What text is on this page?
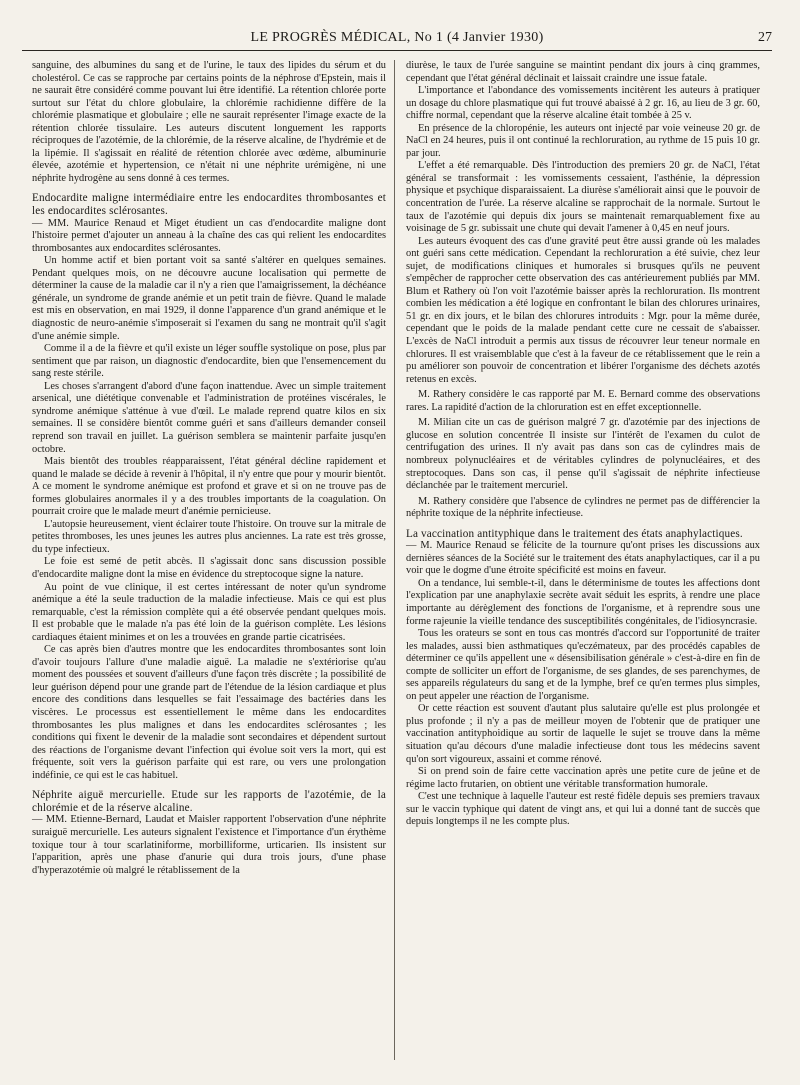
LE PROGRÈS MÉDICAL, No 1 (4 Janvier 1930)	27

sanguine, des albumines du sang et de l'urine, le taux des lipides du sérum et du cholestérol. Ce cas se rapproche par certains points de la néphrose d'Epstein, mais il ne saurait être considéré comme pouvant lui être identifié. La rétention chlorée porte surtout sur l'état du chlore globulaire, la chlorémie rachidienne diffère de la chlorémie plasmatique et globulaire ; elle ne saurait représenter l'image exacte de la rétention chlorée tissulaire. Les auteurs discutent longuement les rapports réciproques de l'azotémie, de la chlorémie, de la réserve alcaline, de l'hydrémie et de la lipémie. Il s'agissait en réalité de rétention chlorée avec œdème, albuminurie élevée, azotémie et hypertension, ce n'était ni une néphrite urémigène, ni une néphrite hydrogène au sens donné à ces termes.

Endocardite maligne intermédiaire entre les endocardites thrombosantes et les endocardites sclérosantes.

— MM. Maurice Renaud et Miget étudient un cas d'endocardite maligne dont l'histoire permet d'ajouter un anneau à la chaîne des cas qui relient les endocardites thrombosantes aux endocardites sclérosantes.

Un homme actif et bien portant voit sa santé s'altérer en quelques semaines. Pendant quelques mois, on ne découvre aucune localisation qui permette de déterminer la cause de la maladie car il n'y a rien que l'amaigrissement, la déchéance générale, un syndrome de grande anémie et un petit train de fièvre. Quand le malade est mis en observation, en mai 1929, il donne l'apparence d'un grand anémique et le diagnostic de neuro-anémie s'imposerait si l'examen du sang ne montrait qu'il s'agit d'une anémie simple.

Comme il a de la fièvre et qu'il existe un léger souffle systolique on pose, plus par sentiment que par raison, un diagnostic d'endocardite, bien que l'ensemencement du sang reste stérile.

Les choses s'arrangent d'abord d'une façon inattendue. Avec un simple traitement arsenical, une diététique convenable et l'administration de protéines viscérales, le syndrome anémique s'atténue à vue d'œil. Le malade reprend quatre kilos en six semaines. Il se considère bientôt comme guéri et sans d'ailleurs demander conseil reprend son travail en juillet. La guérison semblera se maintenir parfaite jusqu'en octobre.

Mais bientôt des troubles réapparaissent, l'état général décline rapidement et quand le malade se décide à revenir à l'hôpital, il n'y entre que pour y mourir bientôt. A ce moment le syndrome anémique est profond et grave et si on ne trouve pas de formes globulaires anormales il y a des troubles importants de la coagulation. On pourrait croire que le malade meurt d'anémie pernicieuse.

L'autopsie heureusement, vient éclairer toute l'histoire. On trouve sur la mitrale de petites thromboses, les unes jeunes les autres plus anciennes. La rate est très grosse, du type infectieux.

Le foie est semé de petit abcès. Il s'agissait donc sans discussion possible d'endocardite maligne dont la mise en évidence du streptocoque signe la nature.

Au point de vue clinique, il est certes intéressant de noter qu'un syndrome anémique a été la seule traduction de la maladie infectieuse. Mais ce qui est plus remarquable, c'est la rémission complète qui a été observée pendant quelques mois. Il est probable que le malade n'a pas été loin de la guérison complète. Les lésions cardiaques étaient minimes et on les a trouvées en grande partie cicatrisées.

Ce cas après bien d'autres montre que les endocardites thrombosantes sont loin d'avoir toujours l'allure d'une maladie aiguë. La maladie ne s'extériorise qu'au moment des poussées et souvent d'ailleurs d'une façon très discrète ; la possibilité de leur guérison dépend pour une grande part de l'étendue de la lésion cardiaque et plus encore des conditions dans lesquelles se fait l'essaimage des bactéries dans les viscères. Le processus est essentiellement le même dans les endocardites thrombosantes les plus malignes et dans les endocardites sclérosantes ; les conditions qui fixent le devenir de la maladie sont secondaires et dépendent surtout des réactions de l'organisme devant l'infection qui évolue soit vers la mort, qui est fréquente, soit vers la guérison parfaite qui est rare, ou vers une prolongation indéfinie, ce qui est le cas habituel.

Néphrite aiguë mercurielle. Etude sur les rapports de l'azotémie, de la chlorémie et de la réserve alcaline.

— MM. Etienne-Bernard, Laudat et Maisler rapportent l'observation d'une néphrite suraiguë mercurielle. Les auteurs signalent l'existence et l'importance d'un érythème toxique tour à tour scarlatiniforme, morbilliforme, urticarien. Ils insistent sur l'apparition, après une phase d'anurie qui dura trois jours, d'une phase d'hyperazotémie où malgré le rétablissement de la

diurèse, le taux de l'urée sanguine se maintint pendant dix jours à cinq grammes, cependant que l'état général déclinait et laissait craindre une issue fatale.

L'importance et l'abondance des vomissements incitèrent les auteurs à pratiquer un dosage du chlore plasmatique qui fut trouvé abaissé à 2 gr. 16, au lieu de 3 gr. 60, chiffre normal, cependant que la réserve alcaline était tombée à 25 v.

En présence de la chloropénie, les auteurs ont injecté par voie veineuse 20 gr. de NaCl en 24 heures, puis il ont continué la rechloruration, au rythme de 15 puis 10 gr. par jour.

L'effet a été remarquable. Dès l'introduction des premiers 20 gr. de NaCl, l'état général se transformait : les vomissements cessaient, l'asthénie, la dépression physique et psychique disparaissaient. La diurèse s'améliorait ainsi que le pouvoir de concentration de l'urée. La réserve alcaline se rapprochait de la normale. Surtout le taux de l'azotémie qui depuis dix jours se maintenait remarquablement fixe au voisinage de 5 gr. subissait une chute qui devait l'amener à 0,45 en neuf jours.

Les auteurs évoquent des cas d'une gravité peut être aussi grande où les malades ont guéri sans cette médication. Cependant la rechloruration a été suivie, chez leur sujet, de modifications cliniques et humorales si brusques qu'ils ne peuvent s'empêcher de rapprocher cette observation des cas antérieurement publiés par MM. Blum et Rathery où l'on voit l'azotémie baisser après la rechloruration. Ils montrent combien les médication a été logique en confrontant le bilan des chlorures urinaires, 51 gr. en dix jours, et le bilan des chlorures introduits : Mgr. pour la même durée, cependant que le poids de la malade pendant cette cure ne cessait de s'abaisser. L'excès de NaCl introduit a permis aux tissus de récouvrer leur teneur normale en chlorures. Il est vraisemblable que c'est à la faveur de ce rétablissement que le rein a pu améliorer son pouvoir de concentration et libérer l'organisme des déchets azotés retenus en excès.

M. Rathery considère le cas rapporté par M. E. Bernard comme des observations rares. La rapidité d'action de la chloruration est en effet exceptionnelle.

M. Milian cite un cas de guérison malgré 7 gr. d'azotémie par des injections de glucose en solution concentrée Il insiste sur l'intérêt de l'examen du culot de centrifugation des urines. Il n'y avait pas dans son cas de cylindres mais de nombreux polynucléaires et de véritables cylindres de polynucléaires, et des streptocoques. Dans son cas, il pense qu'il s'agissait de néphrite infectieuse déclanchée par le traitement mercuriel.

M. Rathery considère que l'absence de cylindres ne permet pas de différencier la néphrite toxique de la néphrite infectieuse.

La vaccination antityphique dans le traitement des états anaphylactiques.

— M. Maurice Renaud se félicite de la tournure qu'ont prises les discussions aux dernières séances de la Société sur le traitement des états anaphylactiques, car il a pu voir que le dogme d'une étroite spécificité est moins en faveur.

On a tendance, lui semble-t-il, dans le déterminisme de toutes les affections dont l'explication par une anaphylaxie secrète avait séduit les esprits, à rendre une place importante au dérèglement des fonctions de l'organisme, et à reprendre sous une forme rajeunie la vieille tendance des susceptibilités congénitales, de l'idiosyncrasie.

Tous les orateurs se sont en tous cas montrés d'accord sur l'opportunité de traiter les malades, aussi bien asthmatiques qu'eczémateux, par des procédés capables de déterminer ce qu'ils appellent une « désensibilisation générale » c'est-à-dire en fin de compte de solliciter un effort de l'organisme, de ses glandes, de ses parenchymes, de ses appareils régulateurs du sang et de la lymphe, bref ce qu'en termes plus simples, on peut appeler une réaction de l'organisme.

Or cette réaction est souvent d'autant plus salutaire qu'elle est plus prolongée et plus profonde ; il n'y a pas de meilleur moyen de l'obtenir que de pratiquer une vaccination antityphoidique au sortir de laquelle le sujet se trouve dans la même situation qu'au décours d'une maladie infectieuse dont tous les médecins savent qu'on sort vigoureux, assaini et comme rénové.

Si on prend soin de faire cette vaccination après une petite cure de jeûne et de régime lacto frutarien, on obtient une véritable transformation humorale.

C'est une technique à laquelle l'auteur est resté fidèle depuis ses premiers travaux sur le vaccin typhique qui datent de vingt ans, et qui lui a donné tant de succès que depuis longtemps il ne les compte plus.
